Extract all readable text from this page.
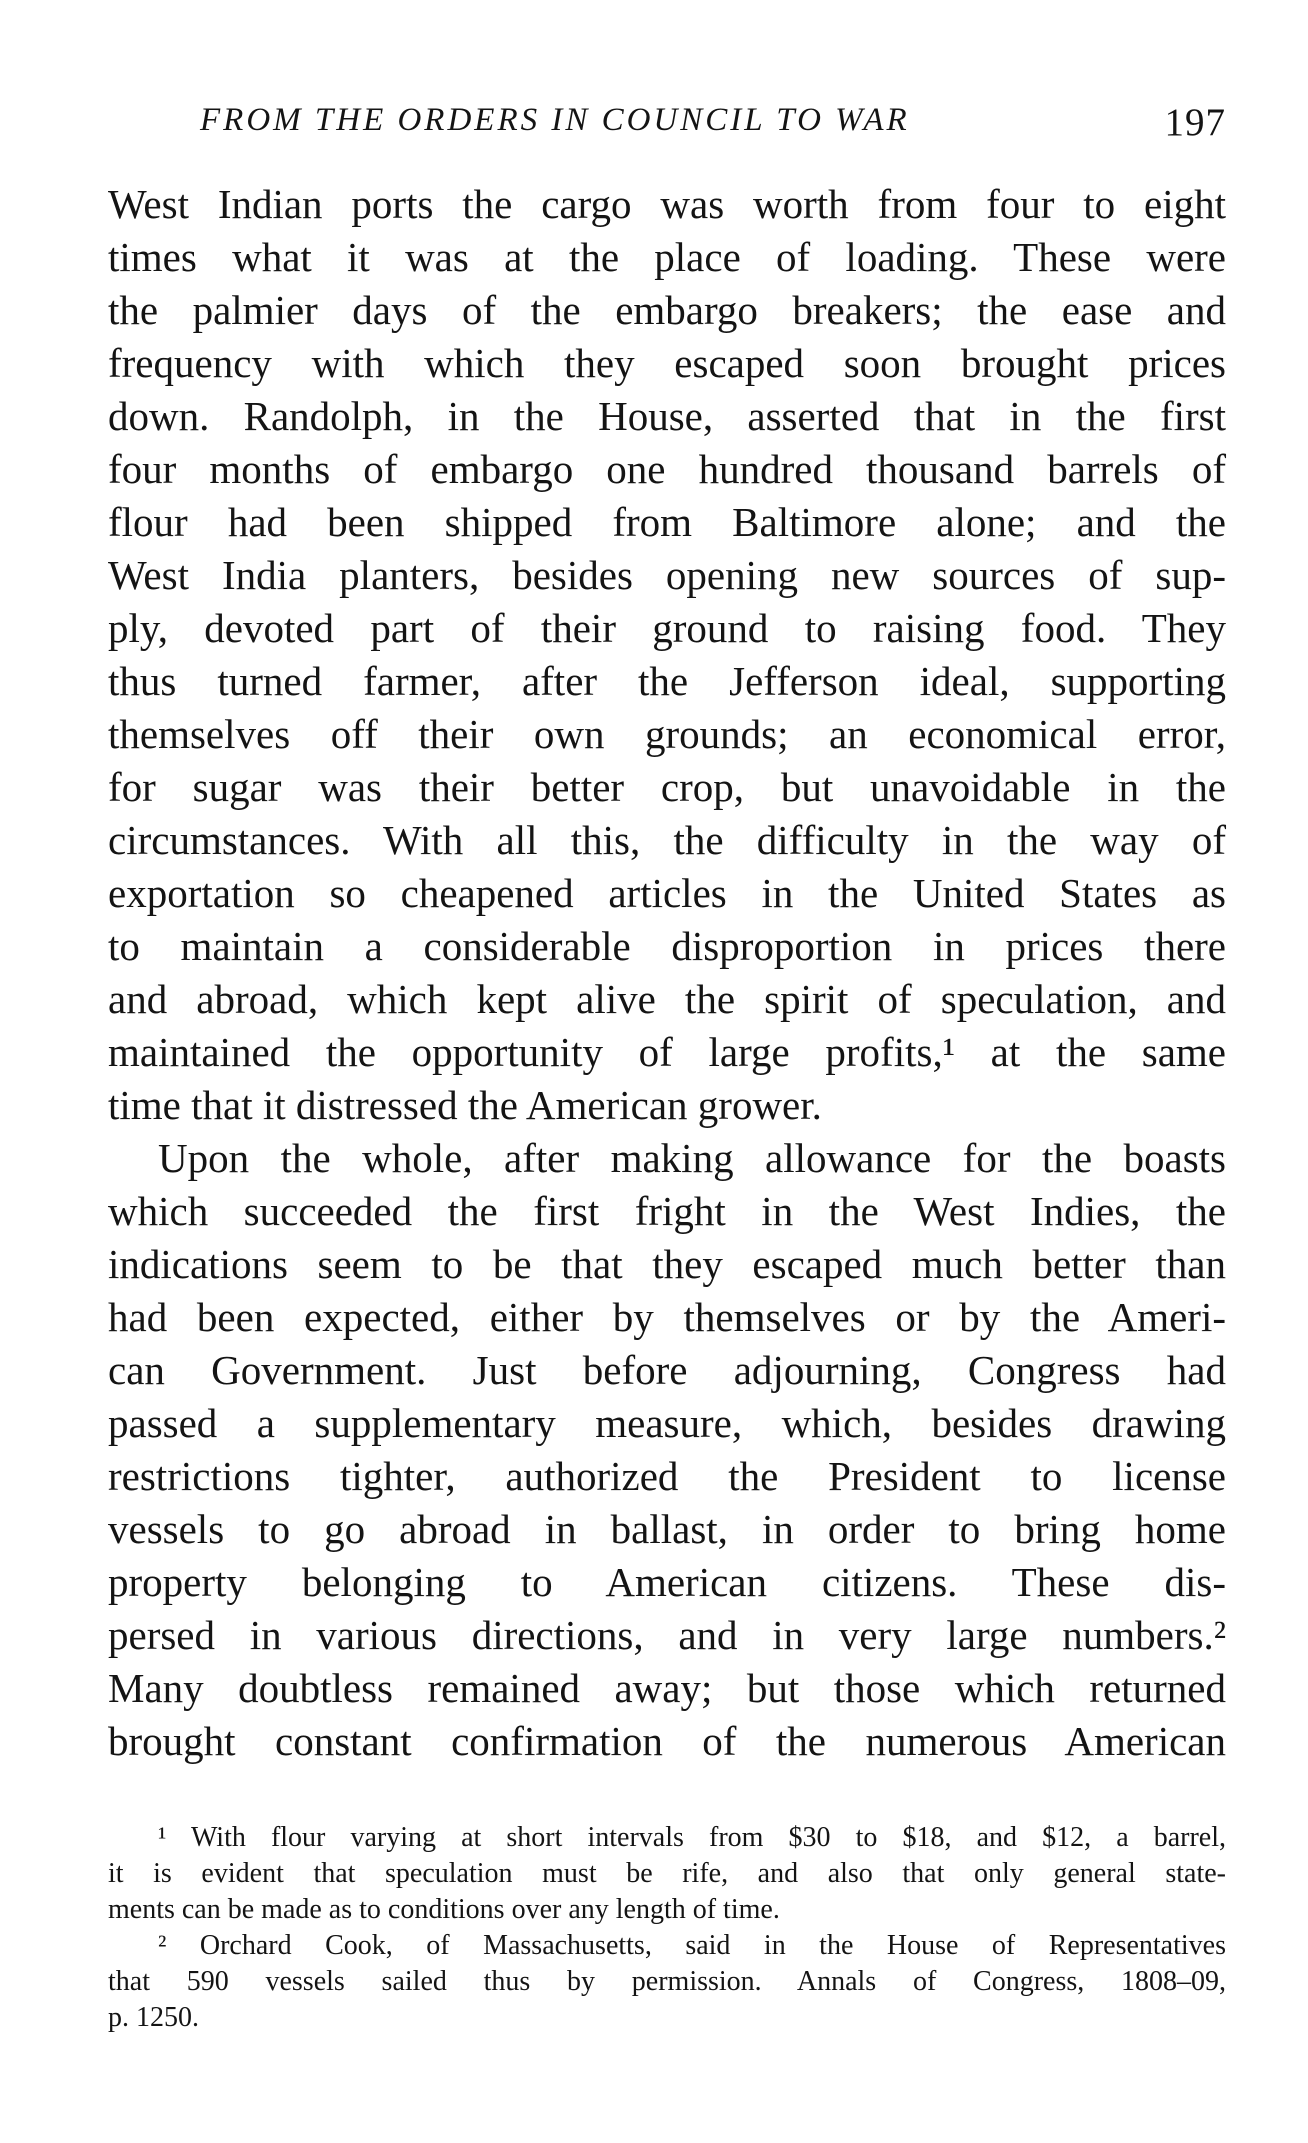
FROM THE ORDERS IN COUNCIL TO WAR	197
West Indian ports the cargo was worth from four to eight
times what it was at the place of loading. These were
the palmier days of the embargo breakers; the ease and
frequency with which they escaped soon brought prices
down. Randolph, in the House, asserted that in the first
four months of embargo one hundred thousand barrels of
flour had been shipped from Baltimore alone; and the
West India planters, besides opening new sources of sup-
ply, devoted part of their ground to raising food. They
thus turned farmer, after the Jefferson ideal, supporting
themselves off their own grounds; an economical error,
for sugar was their better crop, but unavoidable in the
circumstances. With all this, the difficulty in the way of
exportation so cheapened articles in the United States as
to maintain a considerable disproportion in prices there
and abroad, which kept alive the spirit of speculation, and
maintained the opportunity of large profits,¹ at the same
time that it distressed the American grower.
Upon the whole, after making allowance for the boasts
which succeeded the first fright in the West Indies, the
indications seem to be that they escaped much better than
had been expected, either by themselves or by the Ameri-
can Government. Just before adjourning, Congress had
passed a supplementary measure, which, besides drawing
restrictions tighter, authorized the President to license
vessels to go abroad in ballast, in order to bring home
property belonging to American citizens. These dis-
persed in various directions, and in very large numbers.²
Many doubtless remained away; but those which returned
brought constant confirmation of the numerous American
¹ With flour varying at short intervals from $30 to $18, and $12, a barrel,
it is evident that speculation must be rife, and also that only general state-
ments can be made as to conditions over any length of time.
² Orchard Cook, of Massachusetts, said in the House of Representatives
that 590 vessels sailed thus by permission. Annals of Congress, 1808–09,
p. 1250.
